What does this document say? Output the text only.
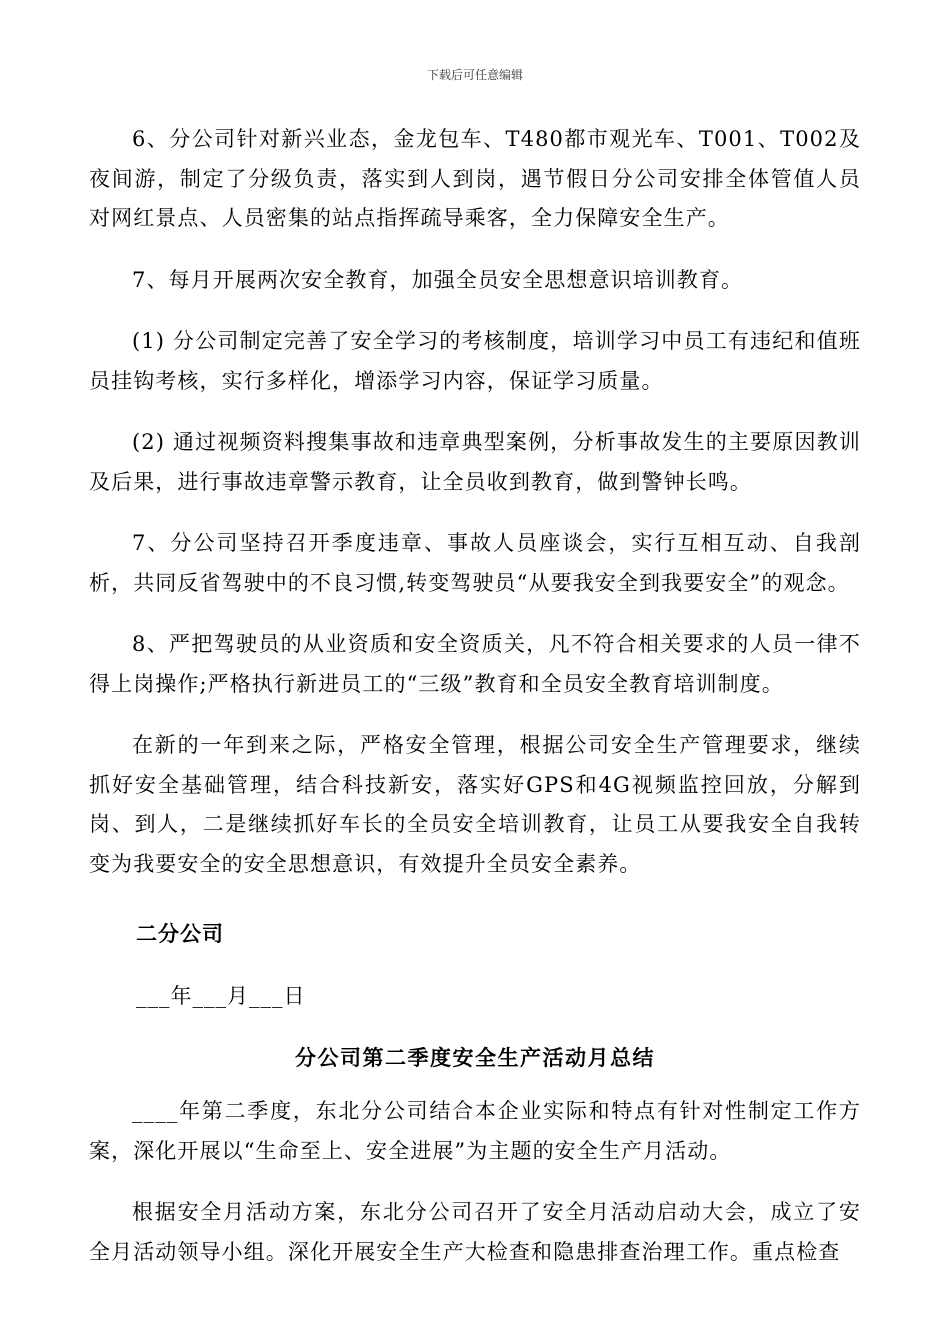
下载后可任意编辑

6、分公司针对新兴业态，金龙包车、T480都市观光车、T001、T002及夜间游，制定了分级负责，落实到人到岗，遇节假日分公司安排全体管值人员对网红景点、人员密集的站点指挥疏导乘客，全力保障安全生产。

7、每月开展两次安全教育，加强全员安全思想意识培训教育。

(1) 分公司制定完善了安全学习的考核制度，培训学习中员工有违纪和值班员挂钩考核，实行多样化，增添学习内容，保证学习质量。

(2) 通过视频资料搜集事故和违章典型案例，分析事故发生的主要原因教训及后果，进行事故违章警示教育，让全员收到教育，做到警钟长鸣。

7、分公司坚持召开季度违章、事故人员座谈会，实行互相互动、自我剖析，共同反省驾驶中的不良习惯,转变驾驶员“从要我安全到我要安全”的观念。

8、严把驾驶员的从业资质和安全资质关，凡不符合相关要求的人员一律不得上岗操作;严格执行新进员工的“三级”教育和全员安全教育培训制度。

在新的一年到来之际，严格安全管理，根据公司安全生产管理要求，继续抓好安全基础管理，结合科技新安，落实好GPS和4G视频监控回放，分解到岗、到人，二是继续抓好车长的全员安全培训教育，让员工从要我安全自我转变为我要安全的安全思想意识，有效提升全员安全素养。

二分公司
___年___月___日
分公司第二季度安全生产活动月总结

____年第二季度，东北分公司结合本企业实际和特点有针对性制定工作方案，深化开展以“生命至上、安全进展”为主题的安全生产月活动。

根据安全月活动方案，东北分公司召开了安全月活动启动大会，成立了安全月活动领导小组。深化开展安全生产大检查和隐患排查治理工作。重点检查
